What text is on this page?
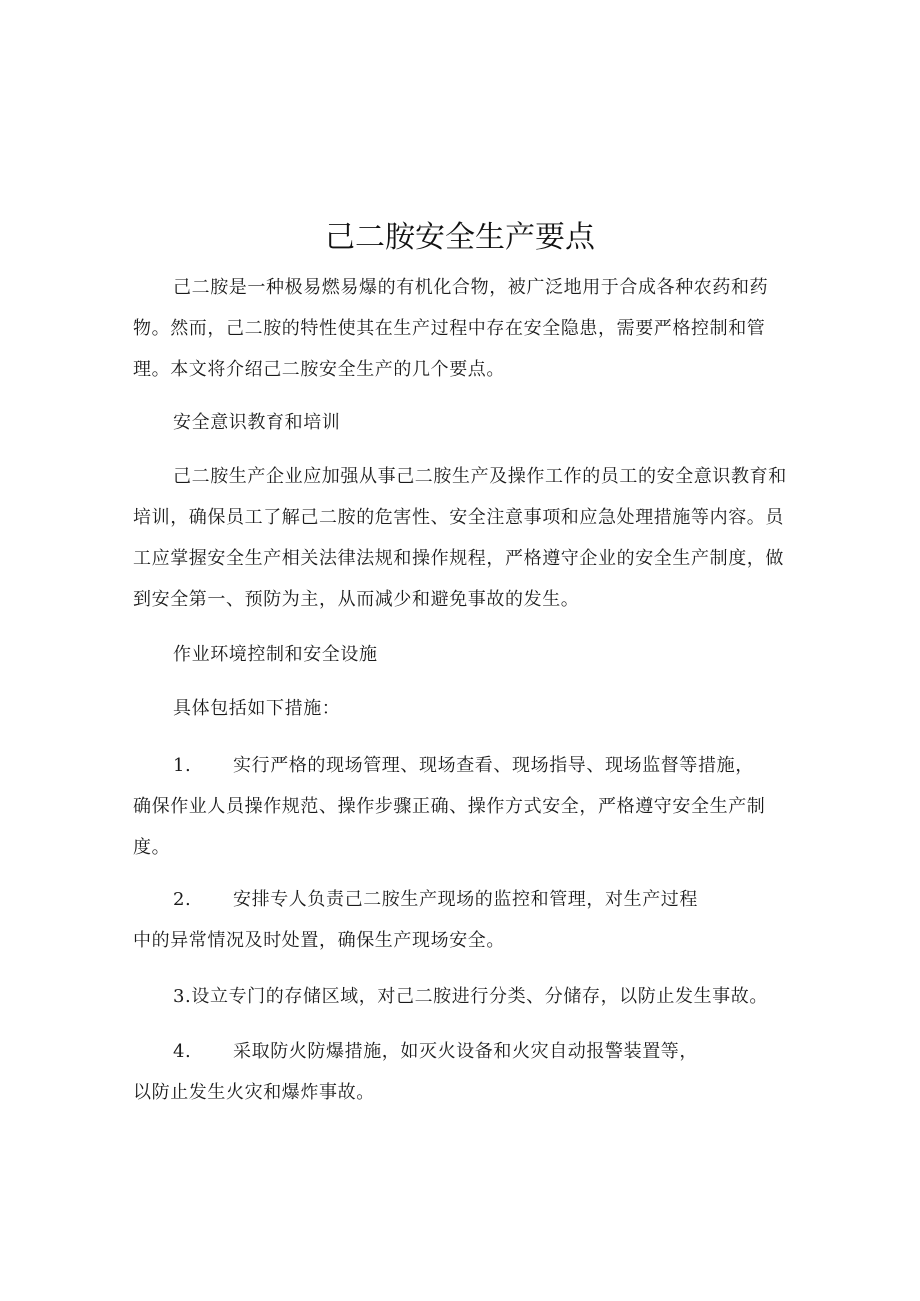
己二胺安全生产要点

己二胺是一种极易燃易爆的有机化合物，被广泛地用于合成各种农药和药物。然而，己二胺的特性使其在生产过程中存在安全隐患，需要严格控制和管理。本文将介绍己二胺安全生产的几个要点。

安全意识教育和培训

己二胺生产企业应加强从事己二胺生产及操作工作的员工的安全意识教育和培训，确保员工了解己二胺的危害性、安全注意事项和应急处理措施等内容。员工应掌握安全生产相关法律法规和操作规程，严格遵守企业的安全生产制度，做到安全第一、预防为主，从而减少和避免事故的发生。

作业环境控制和安全设施

具体包括如下措施：

1. 实行严格的现场管理、现场查看、现场指导、现场监督等措施，
确保作业人员操作规范、操作步骤正确、操作方式安全，严格遵守安全生产制度。
2. 安排专人负责己二胺生产现场的监控和管理，对生产过程
中的异常情况及时处置，确保生产现场安全。
3.设立专门的存储区域，对己二胺进行分类、分储存，以防止发生事故。
4. 采取防火防爆措施，如灭火设备和火灾自动报警装置等，
以防止发生火灾和爆炸事故。
